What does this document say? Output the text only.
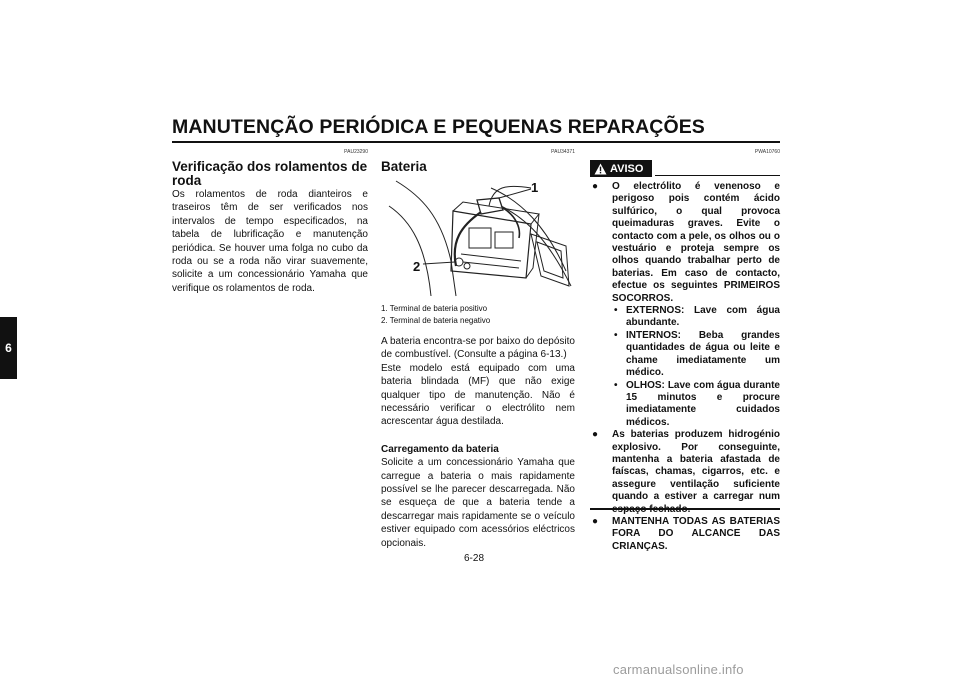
MANUTENÇÃO PERIÓDICA E PEQUENAS REPARAÇÕES
6
PAU23290
Verificação dos rolamentos de roda

Os rolamentos de roda dianteiros e traseiros têm de ser verificados nos intervalos de tempo especificados, na tabela de lubrificação e manutenção periódica. Se houver uma folga no cubo da roda ou se a roda não virar suavemente, solicite a um concessionário Yamaha que verifique os rolamentos de roda.

PAU34371
Bateria
1
2
1. Terminal de bateria positivo
2. Terminal de bateria negativo

A bateria encontra-se por baixo do depósito de combustível. (Consulte a página 6-13.)

Este modelo está equipado com uma bateria blindada (MF) que não exige qualquer tipo de manutenção. Não é necessário verificar o electrólito nem acrescentar água destilada.

Carregamento da bateria

Solicite a um concessionário Yamaha que carregue a bateria o mais rapidamente possível se lhe parecer descarregada. Não se esqueça de que a bateria tende a descarregar mais rapidamente se o veículo estiver equipado com acessórios eléctricos opcionais.

PWA10760
AVISO
● O electrólito é venenoso e perigoso pois contém ácido sulfúrico, o qual provoca queimaduras graves. Evite o contacto com a pele, os olhos ou o vestuário e proteja sempre os olhos quando trabalhar perto de baterias. Em caso de contacto, efectue os seguintes PRIMEIROS SOCORROS.
• EXTERNOS: Lave com água abundante.
• INTERNOS: Beba grandes quantidades de água ou leite e chame imediatamente um médico.
• OLHOS: Lave com água durante 15 minutos e procure imediatamente cuidados médicos.
● As baterias produzem hidrogénio explosivo. Por conseguinte, mantenha a bateria afastada de faíscas, chamas, cigarros, etc. e assegure ventilação suficiente quando a estiver a carregar num
● MANTENHA TODAS AS BATERIAS FORA DO ALCANCE DAS CRIANÇAS.
6-28
carmanualsonline.info
